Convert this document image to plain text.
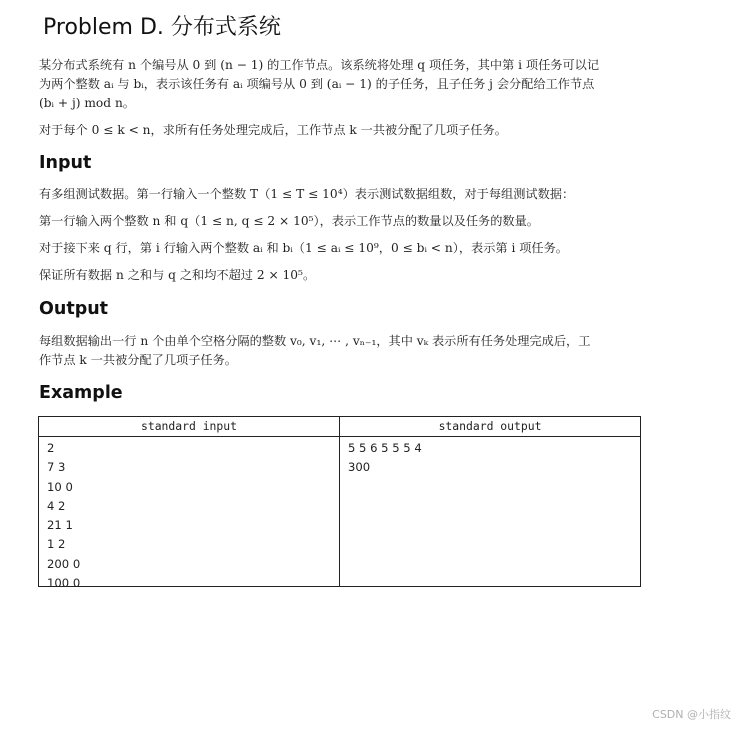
Problem D. 分布式系统
某分布式系统有 n 个编号从 0 到 (n − 1) 的工作节点。该系统将处理 q 项任务，其中第 i 项任务可以记
为两个整数 aᵢ 与 bᵢ，表示该任务有 aᵢ 项编号从 0 到 (aᵢ − 1) 的子任务，且子任务 j 会分配给工作节点
(bᵢ + j) mod n。
对于每个 0 ≤ k < n，求所有任务处理完成后，工作节点 k 一共被分配了几项子任务。
Input
有多组测试数据。第一行输入一个整数 T（1 ≤ T ≤ 10⁴）表示测试数据组数，对于每组测试数据：
第一行输入两个整数 n 和 q（1 ≤ n, q ≤ 2 × 10⁵），表示工作节点的数量以及任务的数量。
对于接下来 q 行，第 i 行输入两个整数 aᵢ 和 bᵢ（1 ≤ aᵢ ≤ 10⁹，0 ≤ bᵢ < n），表示第 i 项任务。
保证所有数据 n 之和与 q 之和均不超过 2 × 10⁵。
Output
每组数据输出一行 n 个由单个空格分隔的整数 v₀, v₁, ⋯ , vₙ₋₁，其中 vₖ 表示所有任务处理完成后，工
作节点 k 一共被分配了几项子任务。
Example
standard input
2
7 3
10 0
4 2
21 1
1 2
200 0
100 0
standard output
5 5 6 5 5 5 4
300
CSDN @小指纹
